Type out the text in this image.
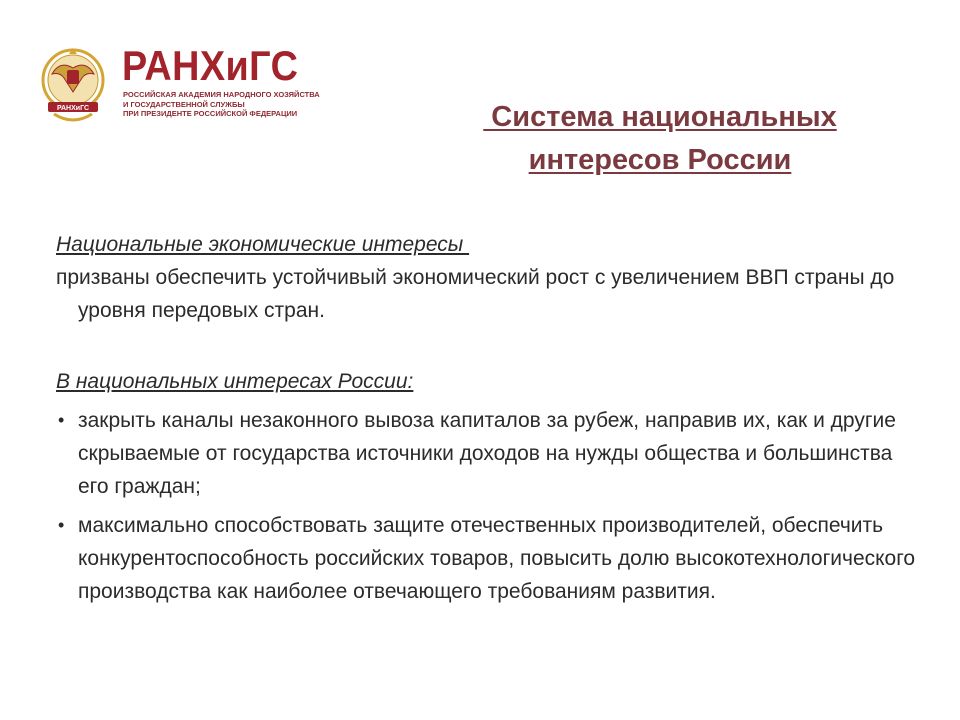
РАНХиГС
РАНХиГС
РОССИЙСКАЯ АКАДЕМИЯ НАРОДНОГО ХОЗЯЙСТВА
И ГОСУДАРСТВЕННОЙ СЛУЖБЫ
ПРИ ПРЕЗИДЕНТЕ РОССИЙСКОЙ ФЕДЕРАЦИИ	Система национальных
интересов России
Национальные экономические интересы
призваны обеспечить устойчивый экономический рост с увеличением ВВП страны до уровня передовых стран.
В национальных интересах России:
• закрыть каналы незаконного вывоза капиталов за рубеж, направив их, как и другие скрываемые от государства источники доходов на нужды общества и большинства его граждан;
• максимально способствовать защите отечественных производителей, обеспечить конкурентоспособность российских товаров, повысить долю высокотехнологического производства как наиболее отвечающего требованиям развития.
